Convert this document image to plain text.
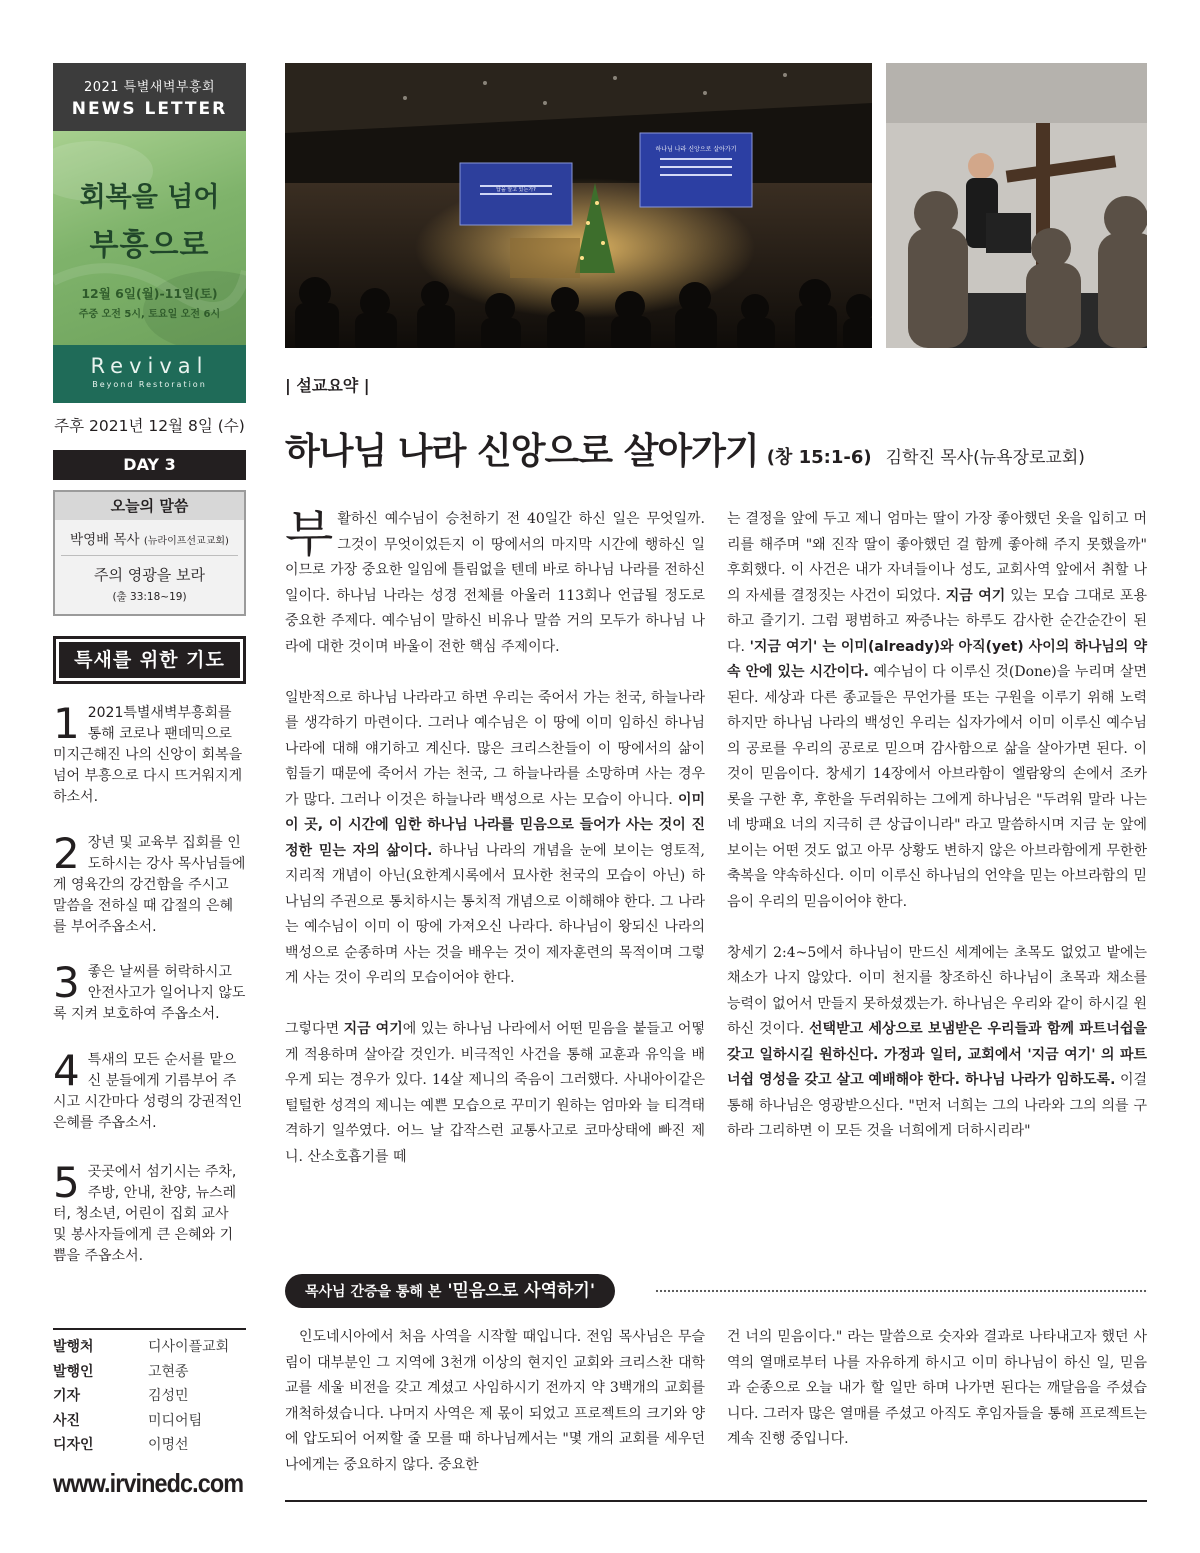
2021 특별새벽부흥회
NEWS LETTER
회복을 넘어
부흥으로
12월 6일(월)-11일(토)
주중 오전 5시, 토요일 오전 6시
Revival
Beyond Restoration
주후 2021년 12월 8일 (수)
DAY 3
오늘의 말씀
박영배 목사 (뉴라이프선교교회)
주의 영광을 보라
(출 33:18~19)
특새를 위한 기도
1 2021특별새벽부흥회를 통해 코로나 팬데믹으로 미지근해진 나의 신앙이 회복을 넘어 부흥으로 다시 뜨거워지게 하소서.
2 장년 및 교육부 집회를 인도하시는 강사 목사님들에게 영육간의 강건함을 주시고 말씀을 전하실 때 갑절의 은혜를 부어주옵소서.
3 좋은 날씨를 허락하시고 안전사고가 일어나지 않도록 지켜 보호하여 주옵소서.
4 특새의 모든 순서를 맡으신 분들에게 기름부어 주시고 시간마다 성령의 강권적인 은혜를 주옵소서.
5 곳곳에서 섬기시는 주차, 주방, 안내, 찬양, 뉴스레터, 청소년, 어린이 집회 교사 및 봉사자들에게 큰 은혜와 기쁨을 주옵소서.
발행처	디사이플교회
발행인	고현종
기자	김성민
사진	미디어팀
디자인	이명선
www.irvinedc.com
답을 알고 있는가?
하나님 나라 신앙으로 살아가기
| 설교요약 |
하나님 나라 신앙으로 살아가기 (창 15:1-6) 김학진 목사(뉴욕장로교회)

부활하신 예수님이 승천하기 전 40일간 하신 일은 무엇일까. 그것이 무엇이었든지 이 땅에서의 마지막 시간에 행하신 일이므로 가장 중요한 일임에 틀림없을 텐데 바로 하나님 나라를 전하신 일이다. 하나님 나라는 성경 전체를 아울러 113회나 언급될 정도로 중요한 주제다. 예수님이 말하신 비유나 말씀 거의 모두가 하나님 나라에 대한 것이며 바울이 전한 핵심 주제이다.

일반적으로 하나님 나라라고 하면 우리는 죽어서 가는 천국, 하늘나라를 생각하기 마련이다. 그러나 예수님은 이 땅에 이미 임하신 하나님 나라에 대해 얘기하고 계신다. 많은 크리스찬들이 이 땅에서의 삶이 힘들기 때문에 죽어서 가는 천국, 그 하늘나라를 소망하며 사는 경우가 많다. 그러나 이것은 하늘나라 백성으로 사는 모습이 아니다. 이미 이 곳, 이 시간에 임한 하나님 나라를 믿음으로 들어가 사는 것이 진정한 믿는 자의 삶이다. 하나님 나라의 개념을 눈에 보이는 영토적, 지리적 개념이 아닌(요한계시록에서 묘사한 천국의 모습이 아닌) 하나님의 주권으로 통치하시는 통치적 개념으로 이해해야 한다. 그 나라는 예수님이 이미 이 땅에 가져오신 나라다. 하나님이 왕되신 나라의 백성으로 순종하며 사는 것을 배우는 것이 제자훈련의 목적이며 그렇게 사는 것이 우리의 모습이어야 한다.

그렇다면 지금 여기에 있는 하나님 나라에서 어떤 믿음을 붙들고 어떻게 적용하며 살아갈 것인가. 비극적인 사건을 통해 교훈과 유익을 배우게 되는 경우가 있다. 14살 제니의 죽음이 그러했다. 사내아이같은 털털한 성격의 제니는 예쁜 모습으로 꾸미기 원하는 엄마와 늘 티격태격하기 일쑤였다. 어느 날 갑작스런 교통사고로 코마상태에 빠진 제니. 산소호흡기를 떼

는 결정을 앞에 두고 제니 엄마는 딸이 가장 좋아했던 옷을 입히고 머리를 해주며 "왜 진작 딸이 좋아했던 걸 함께 좋아해 주지 못했을까" 후회했다. 이 사건은 내가 자녀들이나 성도, 교회사역 앞에서 취할 나의 자세를 결정짓는 사건이 되었다. 지금 여기 있는 모습 그대로 포용하고 즐기기. 그럼 평범하고 짜증나는 하루도 감사한 순간순간이 된다. '지금 여기' 는 이미(already)와 아직(yet) 사이의 하나님의 약속 안에 있는 시간이다. 예수님이 다 이루신 것(Done)을 누리며 살면 된다. 세상과 다른 종교들은 무언가를 또는 구원을 이루기 위해 노력하지만 하나님 나라의 백성인 우리는 십자가에서 이미 이루신 예수님의 공로를 우리의 공로로 믿으며 감사함으로 삶을 살아가면 된다. 이것이 믿음이다. 창세기 14장에서 아브라함이 엘람왕의 손에서 조카 롯을 구한 후, 후한을 두려워하는 그에게 하나님은 "두려워 말라 나는 네 방패요 너의 지극히 큰 상급이니라" 라고 말씀하시며 지금 눈 앞에 보이는 어떤 것도 없고 아무 상황도 변하지 않은 아브라함에게 무한한 축복을 약속하신다. 이미 이루신 하나님의 언약을 믿는 아브라함의 믿음이 우리의 믿음이어야 한다.

창세기 2:4~5에서 하나님이 만드신 세계에는 초목도 없었고 밭에는 채소가 나지 않았다. 이미 천지를 창조하신 하나님이 초목과 채소를 능력이 없어서 만들지 못하셨겠는가. 하나님은 우리와 같이 하시길 원하신 것이다. 선택받고 세상으로 보냄받은 우리들과 함께 파트너쉽을 갖고 일하시길 원하신다. 가정과 일터, 교회에서 '지금 여기' 의 파트너쉽 영성을 갖고 살고 예배해야 한다. 하나님 나라가 임하도록. 이걸 통해 하나님은 영광받으신다. "먼저 너희는 그의 나라와 그의 의를 구하라 그리하면 이 모든 것을 너희에게 더하시리라"

목사님 간증을 통해 본 '믿음으로 사역하기'

인도네시아에서 처음 사역을 시작할 때입니다. 전임 목사님은 무슬림이 대부분인 그 지역에 3천개 이상의 현지인 교회와 크리스찬 대학교를 세울 비전을 갖고 계셨고 사임하시기 전까지 약 3백개의 교회를 개척하셨습니다. 나머지 사역은 제 몫이 되었고 프로젝트의 크기와 양에 압도되어 어찌할 줄 모를 때 하나님께서는 "몇 개의 교회를 세우던 나에게는 중요하지 않다. 중요한

건 너의 믿음이다." 라는 말씀으로 숫자와 결과로 나타내고자 했던 사역의 열매로부터 나를 자유하게 하시고 이미 하나님이 하신 일, 믿음과 순종으로 오늘 내가 할 일만 하며 나가면 된다는 깨달음을 주셨습니다. 그러자 많은 열매를 주셨고 아직도 후임자들을 통해 프로젝트는 계속 진행 중입니다.
